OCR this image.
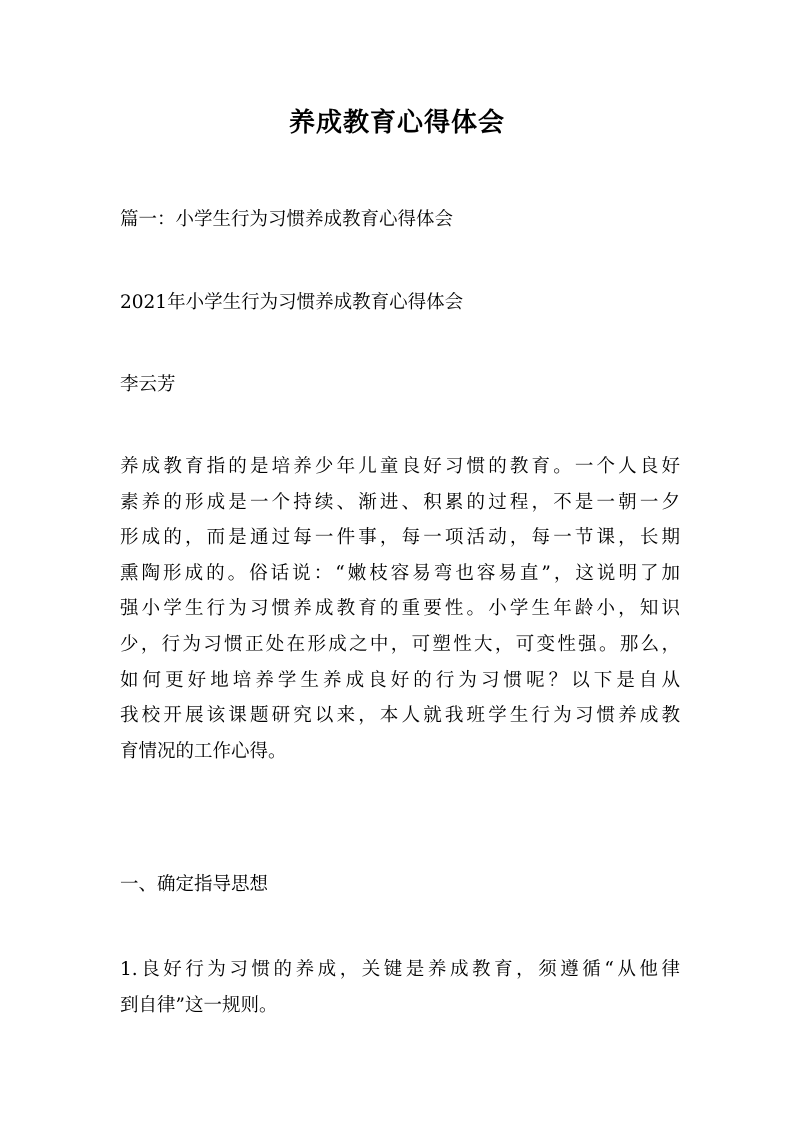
养成教育心得体会

篇一：小学生行为习惯养成教育心得体会

2021年小学生行为习惯养成教育心得体会

李云芳

养成教育指的是培养少年儿童良好习惯的教育。一个人良好
素养的形成是一个持续、渐进、积累的过程，不是一朝一夕
形成的，而是通过每一件事，每一项活动，每一节课，长期
熏陶形成的。俗话说：“嫩枝容易弯也容易直”，这说明了加
强小学生行为习惯养成教育的重要性。小学生年龄小，知识
少，行为习惯正处在形成之中，可塑性大，可变性强。那么，
如何更好地培养学生养成良好的行为习惯呢？以下是自从
我校开展该课题研究以来，本人就我班学生行为习惯养成教
育情况的工作心得。

一、确定指导思想

1.良好行为习惯的养成，关键是养成教育，须遵循“从他律
到自律”这一规则。
